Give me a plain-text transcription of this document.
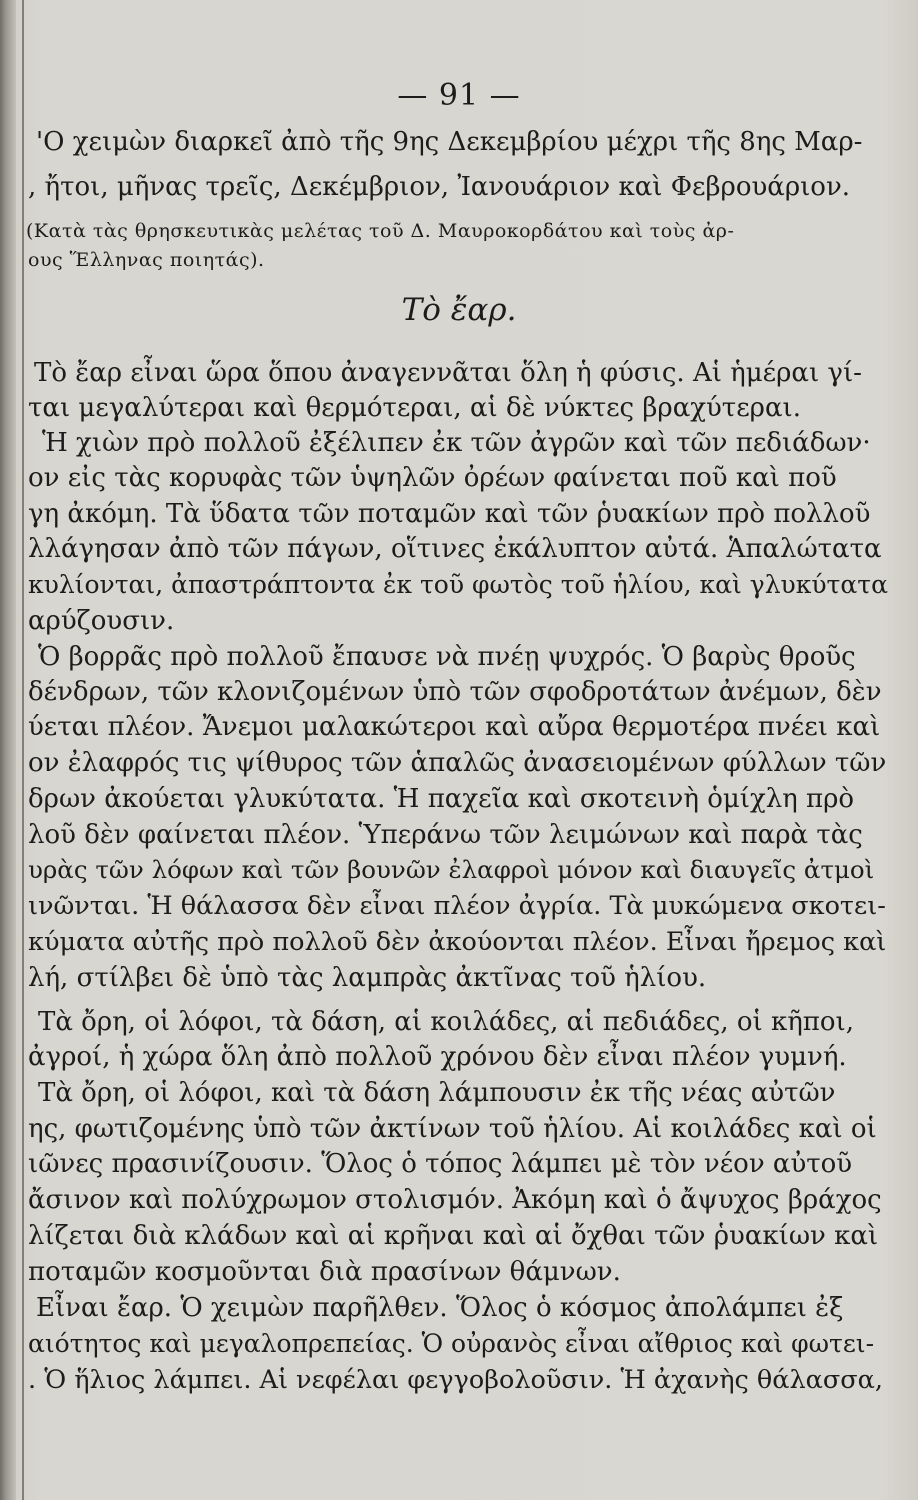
— 91 —
'Ο χειμὼν διαρκεῖ ἀπὸ τῆς 9ης Δεκεμβρίου μέχρι τῆς 8ης Μαρ-
, ἤτοι, μῆνας τρεῖς, Δεκέμβριον, Ἰανουάριον καὶ Φεβρουάριον.
(Κατὰ τὰς θρησκευτικὰς μελέτας τοῦ Δ. Μαυροκορδάτου καὶ τοὺς ἀρ-
ους Ἕλληνας ποιητάς).
Τὸ ἔαρ.
Τὸ ἔαρ εἶναι ὥρα ὅπου ἀναγεννᾶται ὅλη ἡ φύσις. Αἱ ἡμέραι γί-
ται μεγαλύτεραι καὶ θερμότεραι, αἱ δὲ νύκτες βραχύτεραι.
Ἡ χιὼν πρὸ πολλοῦ ἐξέλιπεν ἐκ τῶν ἀγρῶν καὶ τῶν πεδιάδων·
ον εἰς τὰς κορυφὰς τῶν ὑψηλῶν ὀρέων φαίνεται ποῦ καὶ ποῦ
γη ἀκόμη. Τὰ ὕδατα τῶν ποταμῶν καὶ τῶν ῥυακίων πρὸ πολλοῦ
λλάγησαν ἀπὸ τῶν πάγων, οἵτινες ἐκάλυπτον αὐτά. Ἁπαλώτατα
κυλίονται, ἀπαστράπτοντα ἐκ τοῦ φωτὸς τοῦ ἡλίου, καὶ γλυκύτατα
αρύζουσιν.
Ὁ βορρᾶς πρὸ πολλοῦ ἔπαυσε νὰ πνέῃ ψυχρός. Ὁ βαρὺς θροῦς
δένδρων, τῶν κλονιζομένων ὑπὸ τῶν σφοδροτάτων ἀνέμων, δὲν
ύεται πλέον. Ἄνεμοι μαλακώτεροι καὶ αὔρα θερμοτέρα πνέει καὶ
ον ἐλαφρός τις ψίθυρος τῶν ἁπαλῶς ἀνασειομένων φύλλων τῶν
δρων ἀκούεται γλυκύτατα. Ἡ παχεῖα καὶ σκοτεινὴ ὁμίχλη πρὸ
λοῦ δὲν φαίνεται πλέον. Ὑπεράνω τῶν λειμώνων καὶ παρὰ τὰς
υρὰς τῶν λόφων καὶ τῶν βουνῶν ἐλαφροὶ μόνον καὶ διαυγεῖς ἀτμοὶ
ινῶνται. Ἡ θάλασσα δὲν εἶναι πλέον ἀγρία. Τὰ μυκώμενα σκοτει-
κύματα αὐτῆς πρὸ πολλοῦ δὲν ἀκούονται πλέον. Εἶναι ἤρεμος καὶ
λή, στίλβει δὲ ὑπὸ τὰς λαμπρὰς ἀκτῖνας τοῦ ἡλίου.
Τὰ ὄρη, οἱ λόφοι, τὰ δάση, αἱ κοιλάδες, αἱ πεδιάδες, οἱ κῆποι,
ἀγροί, ἡ χώρα ὅλη ἀπὸ πολλοῦ χρόνου δὲν εἶναι πλέον γυμνή.
Τὰ ὄρη, οἱ λόφοι, καὶ τὰ δάση λάμπουσιν ἐκ τῆς νέας αὐτῶν
ης, φωτιζομένης ὑπὸ τῶν ἀκτίνων τοῦ ἡλίου. Αἱ κοιλάδες καὶ οἱ
ιῶνες πρασινίζουσιν. Ὅλος ὁ τόπος λάμπει μὲ τὸν νέον αὐτοῦ
ἄσινον καὶ πολύχρωμον στολισμόν. Ἀκόμη καὶ ὁ ἄψυχος βράχος
λίζεται διὰ κλάδων καὶ αἱ κρῆναι καὶ αἱ ὄχθαι τῶν ῥυακίων καὶ
ποταμῶν κοσμοῦνται διὰ πρασίνων θάμνων.
Εἶναι ἔαρ. Ὁ χειμὼν παρῆλθεν. Ὅλος ὁ κόσμος ἀπολάμπει ἐξ
αιότητος καὶ μεγαλοπρεπείας. Ὁ οὐρανὸς εἶναι αἴθριος καὶ φωτει-
. Ὁ ἥλιος λάμπει. Αἱ νεφέλαι φεγγοβολοῦσιν. Ἡ ἀχανὴς θάλασσα,
